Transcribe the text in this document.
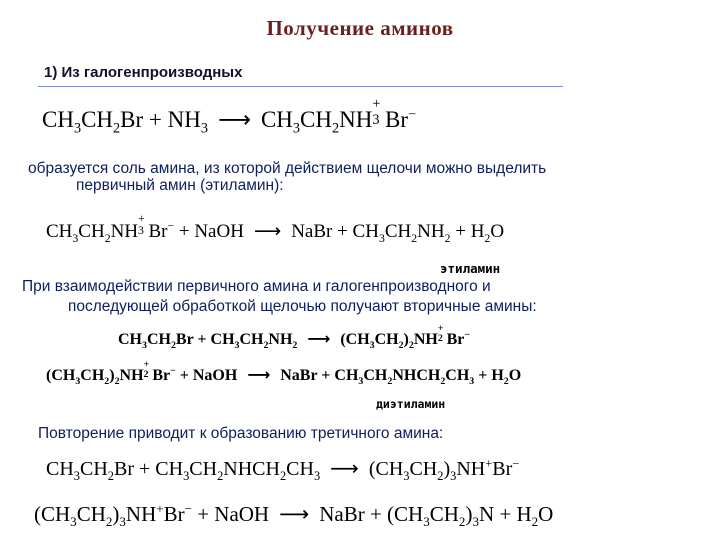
Получение аминов
1) Из галогенпроизводных
$CH_3CH_2Br + NH_3$ ⟶ $CH_3CH_2NH$
+
3 Br−
образуется соль амина, из которой действием щелочи можно выделить
первичный амин (этиламин):
$CH_3CH_2NH$
+
3 Br− + NaOH ⟶ NaBr + $CH_3CH_2NH_2 + H_2O$
этиламин
При взаимодействии первичного амина и галогенпроизводного и
последующей обработкой щелочью получают вторичные амины:
$CH_3CH_2Br + CH_3CH_2NH_2$ ⟶ $(CH_3CH_2)_2NH$
+
2 Br−
$(CH_3CH_2)_2NH$
+
2 Br− + NaOH ⟶ NaBr + $CH_3CH_2NHCH_2CH_3 + H_2O$
диэтиламин
Повторение приводит к образованию третичного амина:
$CH_3CH_2Br$ + $CH_3CH_2NHCH_2CH_3$ ⟶ $(CH_3CH_2)_3NH^+Br^-$
$(CH_3CH_2)_3NH^+Br^-$ + NaOH ⟶ NaBr + $(CH_3CH_2)_3N + H_2O$
